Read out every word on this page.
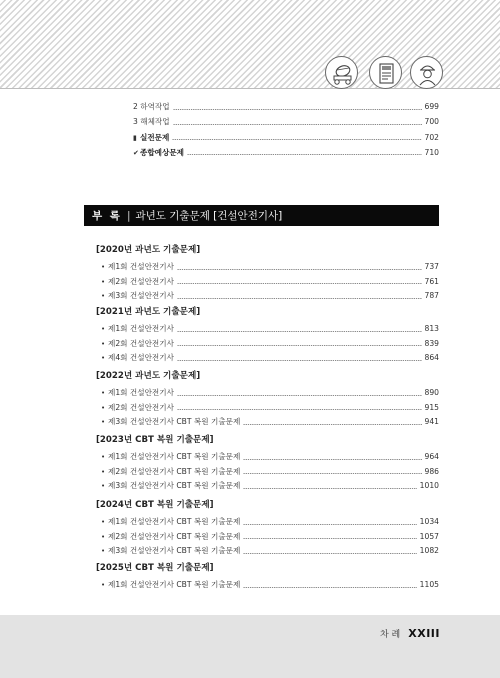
2 하역작업	699
3 해체작업	700
▮ 실전문제	702
✔ 종합예상문제	710
부 록 | 과년도 기출문제 [건설안전기사]
[2020년 과년도 기출문제]
• 제1회 건설안전기사	737
• 제2회 건설안전기사	761
• 제3회 건설안전기사	787
[2021년 과년도 기출문제]
• 제1회 건설안전기사	813
• 제2회 건설안전기사	839
• 제4회 건설안전기사	864
[2022년 과년도 기출문제]
• 제1회 건설안전기사	890
• 제2회 건설안전기사	915
• 제3회 건설안전기사 CBT 복원 기출문제	941
[2023년 CBT 복원 기출문제]
• 제1회 건설안전기사 CBT 복원 기출문제	964
• 제2회 건설안전기사 CBT 복원 기출문제	986
• 제3회 건설안전기사 CBT 복원 기출문제	1010
[2024년 CBT 복원 기출문제]
• 제1회 건설안전기사 CBT 복원 기출문제	1034
• 제2회 건설안전기사 CBT 복원 기출문제	1057
• 제3회 건설안전기사 CBT 복원 기출문제	1082
[2025년 CBT 복원 기출문제]
• 제1회 건설안전기사 CBT 복원 기출문제	1105
차 례 XXIII
